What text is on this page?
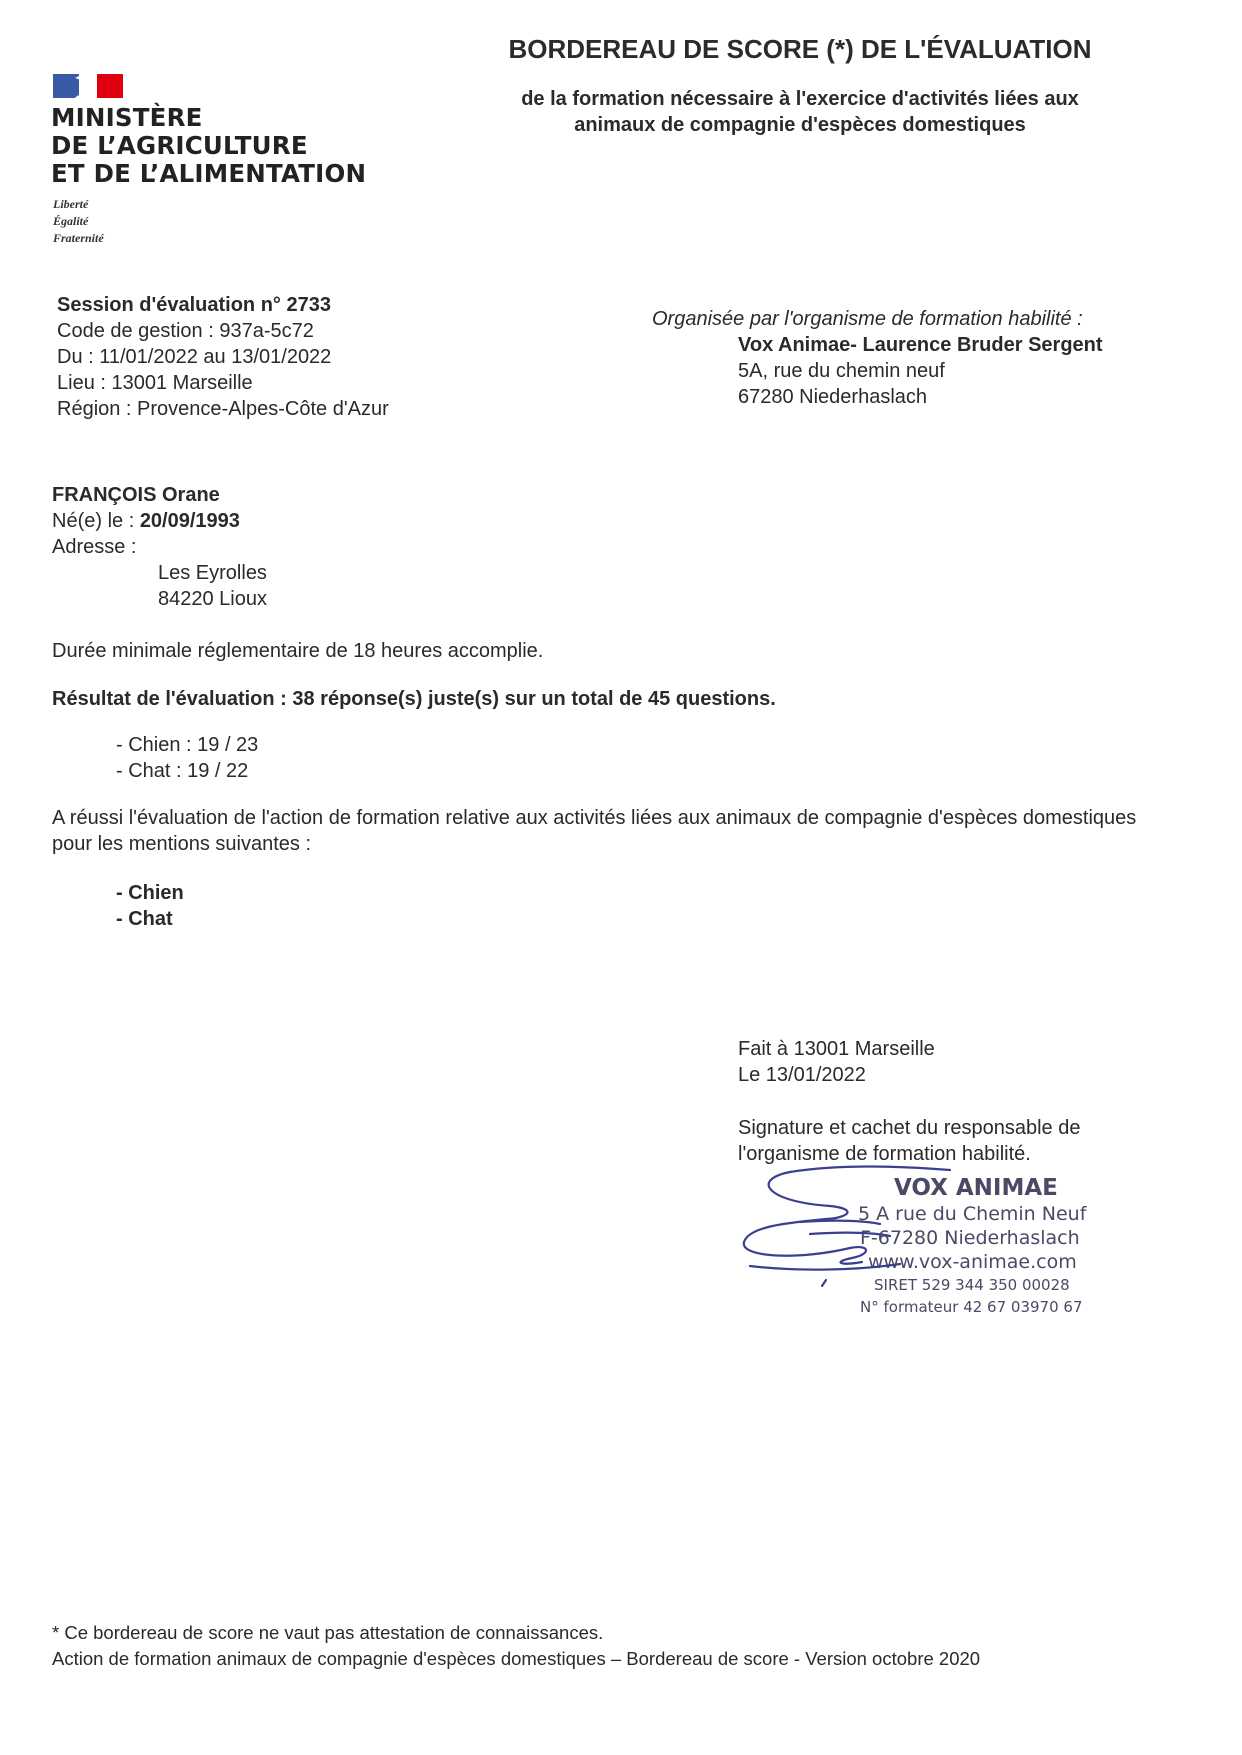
MINISTÈRE
DE L’AGRICULTURE
ET DE L’ALIMENTATION
Liberté
Égalité
Fraternité
BORDEREAU DE SCORE (*) DE L'ÉVALUATION
de la formation nécessaire à l'exercice d'activités liées aux
animaux de compagnie d'espèces domestiques
Session d'évaluation n° 2733
Code de gestion : 937a-5c72
Du : 11/01/2022 au 13/01/2022
Lieu : 13001 Marseille
Région : Provence-Alpes-Côte d'Azur
Organisée par l'organisme de formation habilité :
Vox Animae- Laurence Bruder Sergent
5A, rue du chemin neuf
67280 Niederhaslach
FRANÇOIS Orane
Né(e) le : 20/09/1993
Adresse :
Les Eyrolles
84220 Lioux
Durée minimale réglementaire de 18 heures accomplie.
Résultat de l'évaluation : 38 réponse(s) juste(s) sur un total de 45 questions.
- Chien : 19 / 23
- Chat : 19 / 22
A réussi l'évaluation de l'action de formation relative aux activités liées aux animaux de compagnie d'espèces domestiques pour les mentions suivantes :
- Chien
- Chat
Fait à 13001 Marseille
Le 13/01/2022
Signature et cachet du responsable de
l'organisme de formation habilité.
VOX ANIMAE
5 A rue du Chemin Neuf
F-67280 Niederhaslach
www.vox-animae.com
SIRET 529 344 350 00028
N° formateur 42 67 03970 67
* Ce bordereau de score ne vaut pas attestation de connaissances.
Action de formation animaux de compagnie d'espèces domestiques – Bordereau de score - Version octobre 2020
